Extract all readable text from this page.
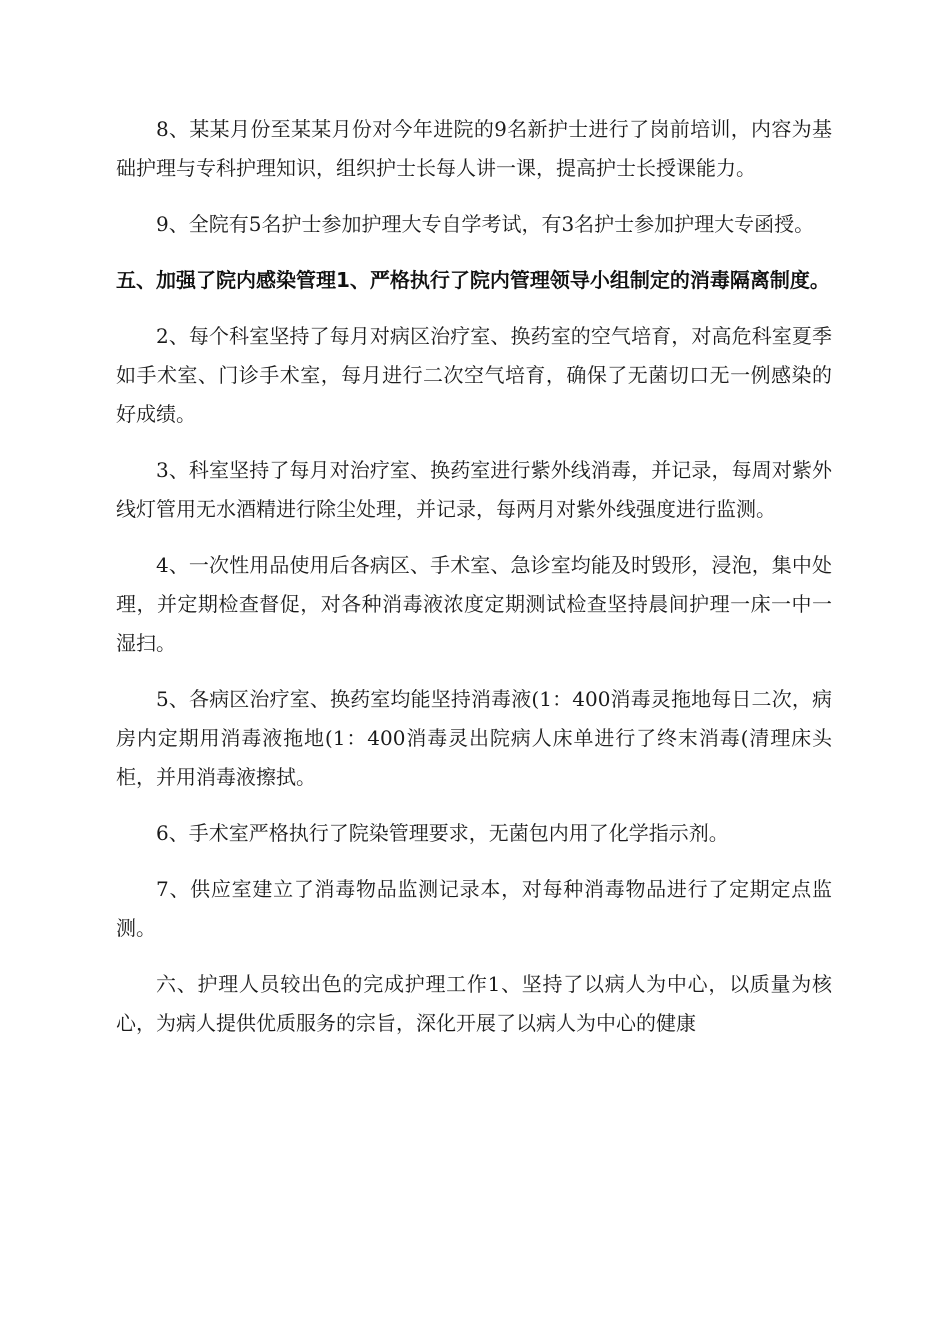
8、某某月份至某某月份对今年进院的9名新护士进行了岗前培训，内容为基础护理与专科护理知识，组织护士长每人讲一课，提高护士长授课能力。

9、全院有5名护士参加护理大专自学考试，有3名护士参加护理大专函授。

五、加强了院内感染管理1、严格执行了院内管理领导小组制定的消毒隔离制度。

2、每个科室坚持了每月对病区治疗室、换药室的空气培育，对高危科室夏季如手术室、门诊手术室，每月进行二次空气培育，确保了无菌切口无一例感染的好成绩。

3、科室坚持了每月对治疗室、换药室进行紫外线消毒，并记录，每周对紫外线灯管用无水酒精进行除尘处理，并记录，每两月对紫外线强度进行监测。

4、一次性用品使用后各病区、手术室、急诊室均能及时毁形，浸泡，集中处理，并定期检查督促，对各种消毒液浓度定期测试检查坚持晨间护理一床一中一湿扫。

5、各病区治疗室、换药室均能坚持消毒液(1：400消毒灵拖地每日二次，病房内定期用消毒液拖地(1：400消毒灵出院病人床单进行了终末消毒(清理床头柜，并用消毒液擦拭。

6、手术室严格执行了院染管理要求，无菌包内用了化学指示剂。

7、供应室建立了消毒物品监测记录本，对每种消毒物品进行了定期定点监测。

六、护理人员较出色的完成护理工作1、坚持了以病人为中心，以质量为核心，为病人提供优质服务的宗旨，深化开展了以病人为中心的健康
